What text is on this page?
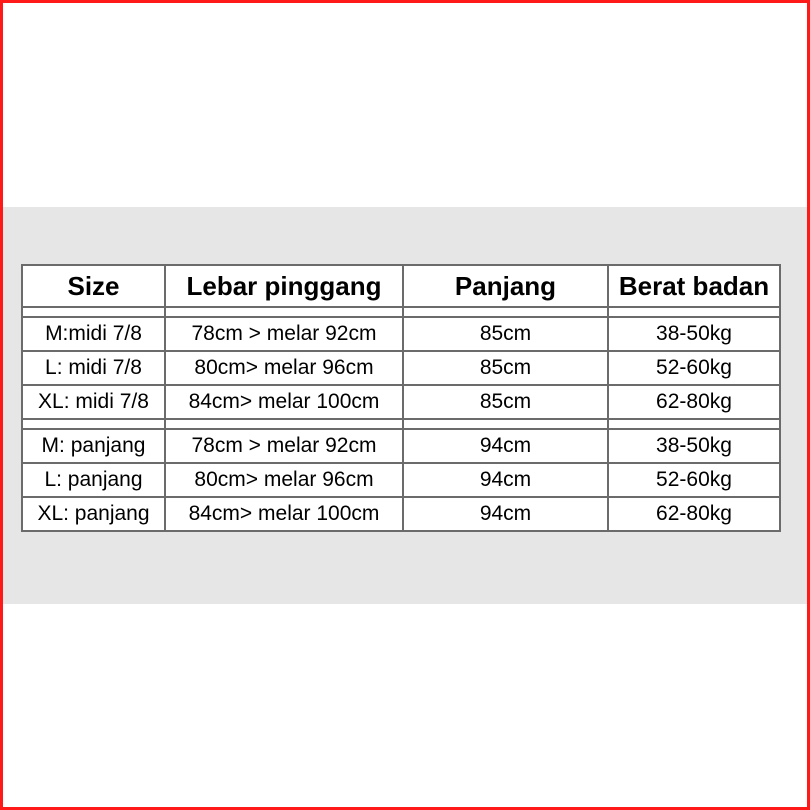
Size	Lebar pinggang	Panjang	Berat badan

M:midi 7/8	78cm > melar 92cm	85cm	38-50kg
L: midi 7/8	80cm> melar 96cm	85cm	52-60kg
XL: midi 7/8	84cm> melar 100cm	85cm	62-80kg

M: panjang	78cm > melar 92cm	94cm	38-50kg
L: panjang	80cm> melar 96cm	94cm	52-60kg
XL: panjang	84cm> melar 100cm	94cm	62-80kg
